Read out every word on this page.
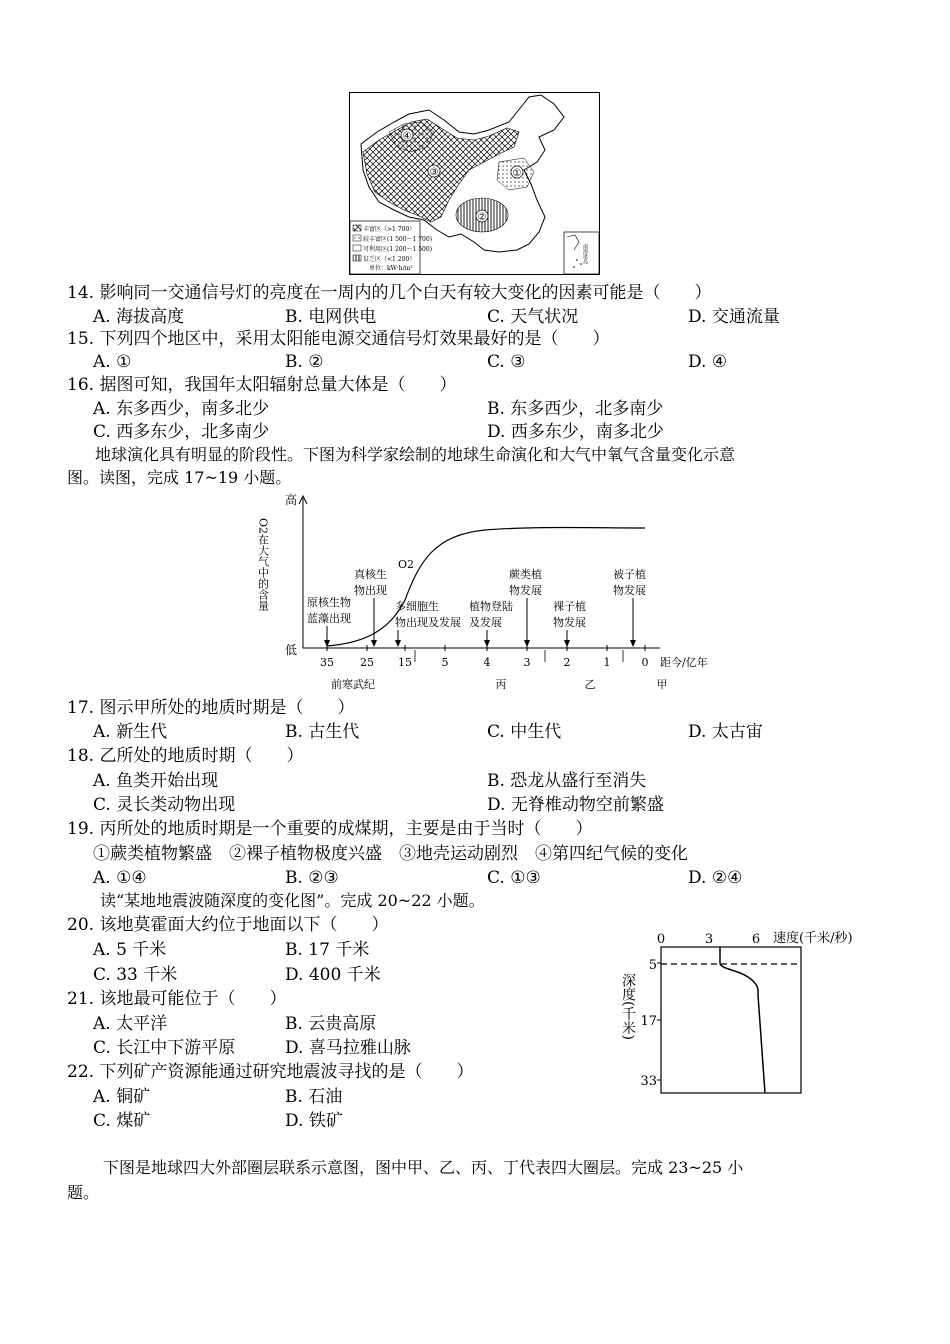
④
③	①
②
丰富区（>1 700）
较丰富区(1 500～1 700)
可利用区(1 200～1 500)
贫乏区（<1 200）
单位：kW·h/m²
南海诸岛
14. 影响同一交通信号灯的亮度在一周内的几个白天有较大变化的因素可能是（　　）
A. 海拔高度	B. 电网供电	C. 天气状况	D. 交通流量
15. 下列四个地区中，采用太阳能电源交通信号灯效果最好的是（　　）
A. ①	B. ②	C. ③	D. ④
16. 据图可知，我国年太阳辐射总量大体是（　　）
A. 东多西少，南多北少	B. 东多西少，北多南少
C. 西多东少，北多南少	D. 西多东少，南多北少
地球演化具有明显的阶段性。下图为科学家绘制的地球生命演化和大气中氧气含量变化示意
图。读图，完成 17~19 小题。
高
低
O2在大气中的含量	O2
35 25 15	5	4	3	2	1	0
原核生物蓝藻出现
真核生物出现
多细胞生物出现及发展
植物登陆及发展
蕨类植物发展
裸子植物发展
被子植物发展
距今/亿年
前寒武纪	丙	乙	甲
17. 图示甲所处的地质时期是（　　）
A. 新生代	B. 古生代	C. 中生代	D. 太古宙
18. 乙所处的地质时期（　　）
A. 鱼类开始出现	B. 恐龙从盛行至消失
C. 灵长类动物出现	D. 无脊椎动物空前繁盛
19. 丙所处的地质时期是一个重要的成煤期，主要是由于当时（　　）
①蕨类植物繁盛　②裸子植物极度兴盛　③地壳运动剧烈　④第四纪气候的变化
A. ①④	B. ②③	C. ①③	D. ②④
读“某地地震波随深度的变化图”。完成 20~22 小题。
20. 该地莫霍面大约位于地面以下（　　）
A. 5 千米	B. 17 千米
C. 33 千米	D. 400 千米
21. 该地最可能位于（　　）
A. 太平洋	B. 云贵高原
C. 长江中下游平原	D. 喜马拉雅山脉
22. 下列矿产资源能通过研究地震波寻找的是（　　）
A. 铜矿	B. 石油
C. 煤矿	D. 铁矿
0	3	6 速度(千米/秒)
5
17
33
深度(千米)
下图是地球四大外部圈层联系示意图，图中甲、乙、丙、丁代表四大圈层。完成 23~25 小
题。
